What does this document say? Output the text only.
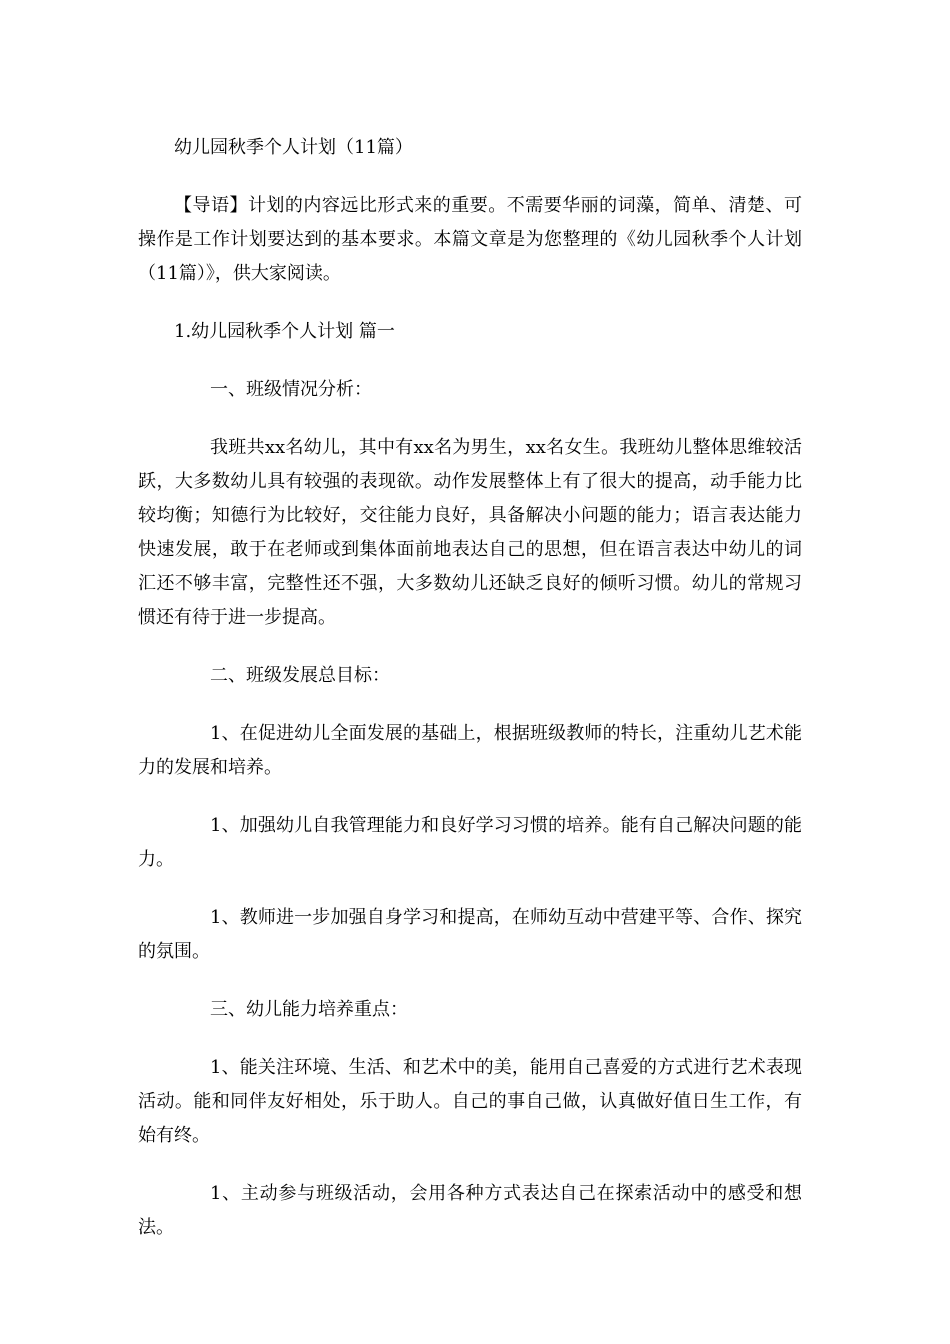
幼儿园秋季个人计划（11篇）

【导语】计划的内容远比形式来的重要。不需要华丽的词藻，简单、清楚、可操作是工作计划要达到的基本要求。本篇文章是为您整理的《幼儿园秋季个人计划（11篇）》，供大家阅读。

1.幼儿园秋季个人计划 篇一

一、班级情况分析：

我班共xx名幼儿，其中有xx名为男生，xx名女生。我班幼儿整体思维较活跃，大多数幼儿具有较强的表现欲。动作发展整体上有了很大的提高，动手能力比较均衡；知德行为比较好，交往能力良好，具备解决小问题的能力；语言表达能力快速发展，敢于在老师或到集体面前地表达自己的思想，但在语言表达中幼儿的词汇还不够丰富，完整性还不强，大多数幼儿还缺乏良好的倾听习惯。幼儿的常规习惯还有待于进一步提高。

二、班级发展总目标：

1、在促进幼儿全面发展的基础上，根据班级教师的特长，注重幼儿艺术能力的发展和培养。

1、加强幼儿自我管理能力和良好学习习惯的培养。能有自己解决问题的能力。

1、教师进一步加强自身学习和提高，在师幼互动中营建平等、合作、探究的氛围。

三、幼儿能力培养重点：

1、能关注环境、生活、和艺术中的美，能用自己喜爱的方式进行艺术表现活动。能和同伴友好相处，乐于助人。自己的事自己做，认真做好值日生工作，有始有终。

1、主动参与班级活动，会用各种方式表达自己在探索活动中的感受和想法。
